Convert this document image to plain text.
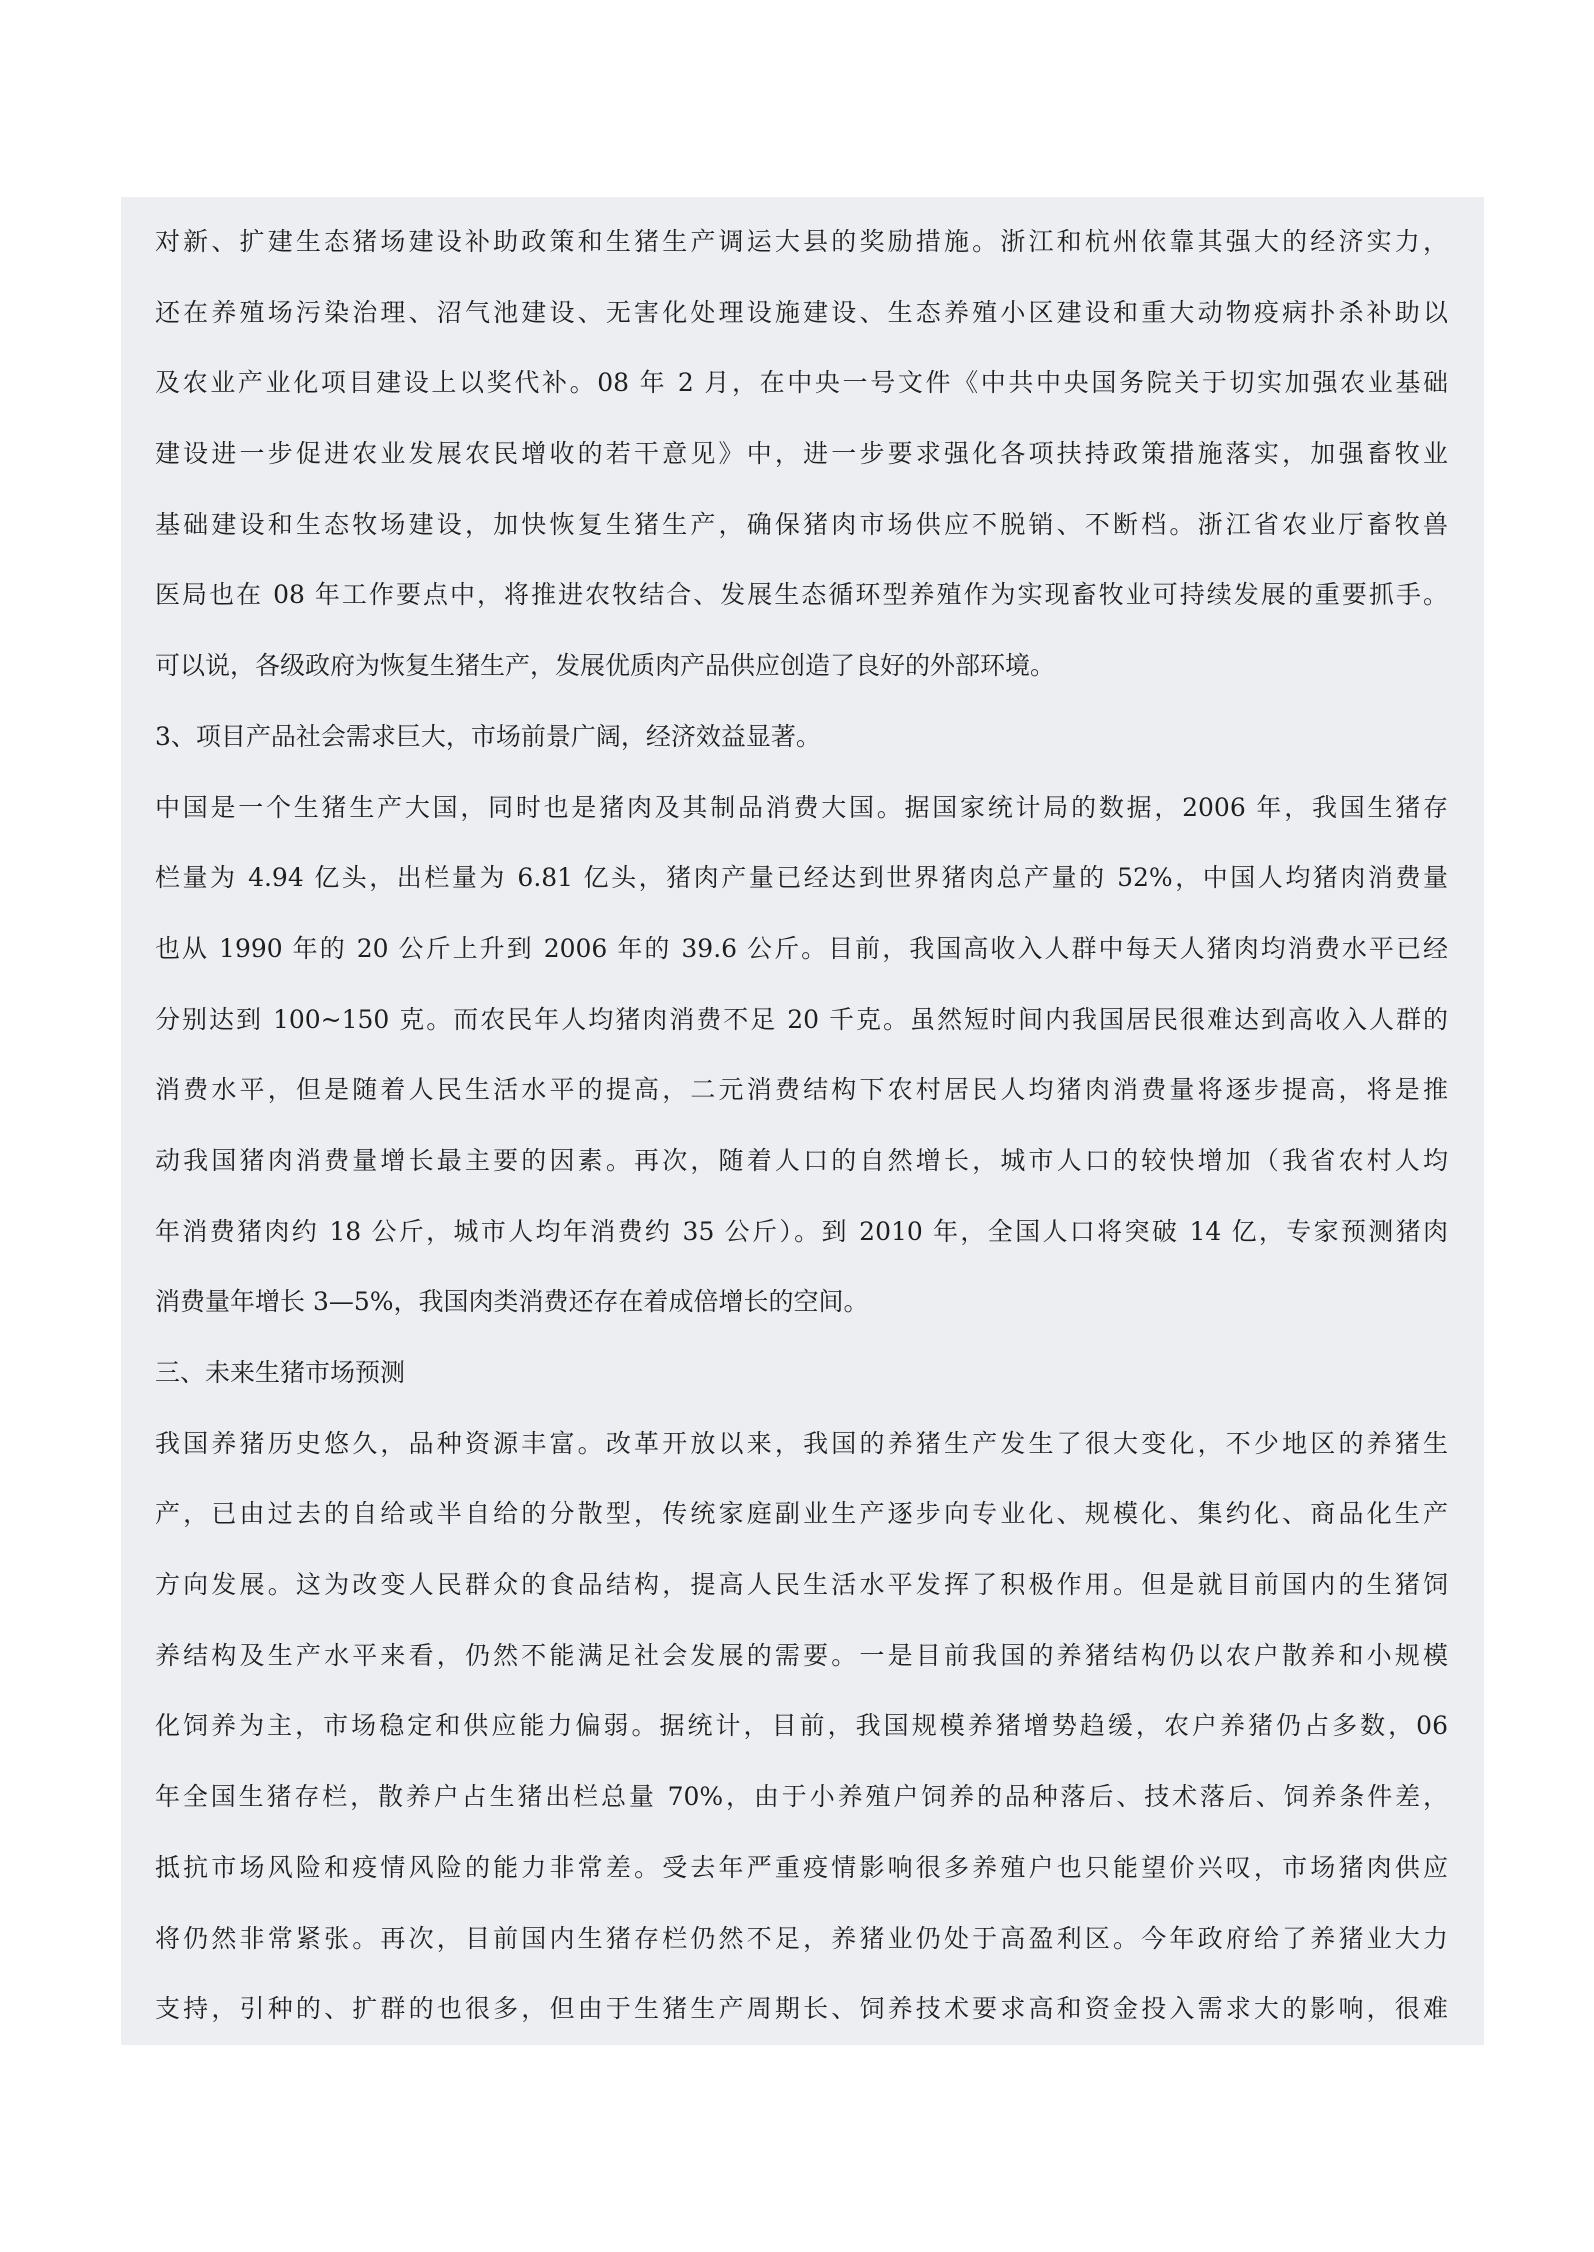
对新、扩建生态猪场建设补助政策和生猪生产调运大县的奖励措施。浙江和杭州依靠其强大的经济实力，
还在养殖场污染治理、沼气池建设、无害化处理设施建设、生态养殖小区建设和重大动物疫病扑杀补助以
及农业产业化项目建设上以奖代补。08 年 2 月，在中央一号文件《中共中央国务院关于切实加强农业基础
建设进一步促进农业发展农民增收的若干意见》中，进一步要求强化各项扶持政策措施落实，加强畜牧业
基础建设和生态牧场建设，加快恢复生猪生产，确保猪肉市场供应不脱销、不断档。浙江省农业厅畜牧兽
医局也在 08 年工作要点中，将推进农牧结合、发展生态循环型养殖作为实现畜牧业可持续发展的重要抓手。
可以说，各级政府为恢复生猪生产，发展优质肉产品供应创造了良好的外部环境。
3、项目产品社会需求巨大，市场前景广阔，经济效益显著。
中国是一个生猪生产大国，同时也是猪肉及其制品消费大国。据国家统计局的数据，2006 年，我国生猪存
栏量为 4.94 亿头，出栏量为 6.81 亿头，猪肉产量已经达到世界猪肉总产量的 52%，中国人均猪肉消费量
也从 1990 年的 20 公斤上升到 2006 年的 39.6 公斤。目前，我国高收入人群中每天人猪肉均消费水平已经
分别达到 100~150 克。而农民年人均猪肉消费不足 20 千克。虽然短时间内我国居民很难达到高收入人群的
消费水平，但是随着人民生活水平的提高，二元消费结构下农村居民人均猪肉消费量将逐步提高，将是推
动我国猪肉消费量增长最主要的因素。再次，随着人口的自然增长，城市人口的较快增加（我省农村人均
年消费猪肉约 18 公斤，城市人均年消费约 35 公斤）。到 2010 年，全国人口将突破 14 亿，专家预测猪肉
消费量年增长 3—5%，我国肉类消费还存在着成倍增长的空间。
三、未来生猪市场预测
我国养猪历史悠久，品种资源丰富。改革开放以来，我国的养猪生产发生了很大变化，不少地区的养猪生
产，已由过去的自给或半自给的分散型，传统家庭副业生产逐步向专业化、规模化、集约化、商品化生产
方向发展。这为改变人民群众的食品结构，提高人民生活水平发挥了积极作用。但是就目前国内的生猪饲
养结构及生产水平来看，仍然不能满足社会发展的需要。一是目前我国的养猪结构仍以农户散养和小规模
化饲养为主，市场稳定和供应能力偏弱。据统计，目前，我国规模养猪增势趋缓，农户养猪仍占多数，06
年全国生猪存栏，散养户占生猪出栏总量 70%，由于小养殖户饲养的品种落后、技术落后、饲养条件差，
抵抗市场风险和疫情风险的能力非常差。受去年严重疫情影响很多养殖户也只能望价兴叹，市场猪肉供应
将仍然非常紧张。再次，目前国内生猪存栏仍然不足，养猪业仍处于高盈利区。今年政府给了养猪业大力
支持，引种的、扩群的也很多，但由于生猪生产周期长、饲养技术要求高和资金投入需求大的影响，很难
